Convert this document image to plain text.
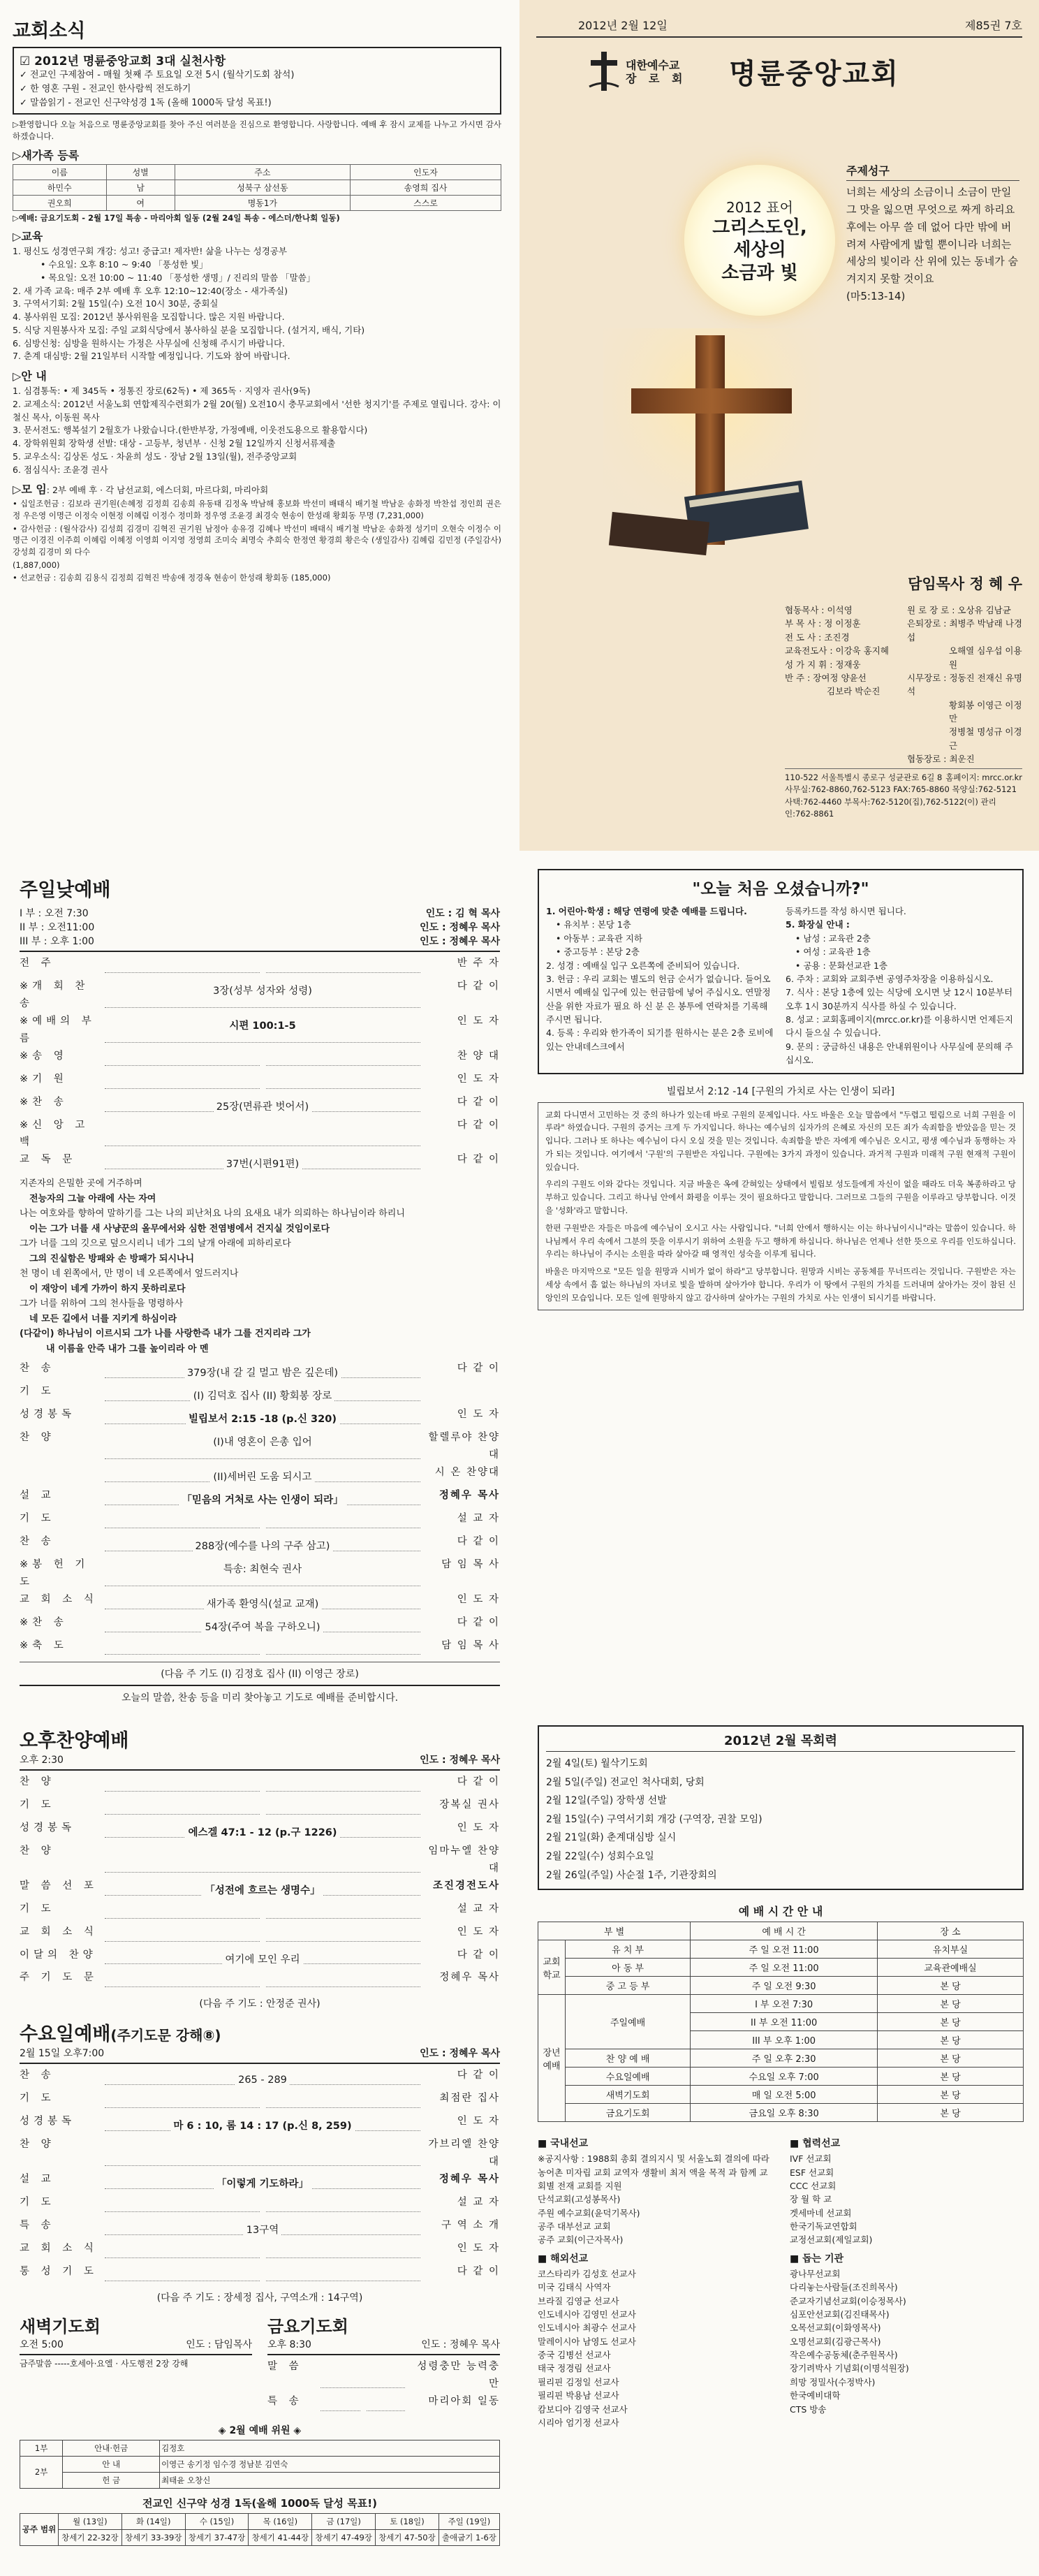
교회소식
☑ 2012년 명륜중앙교회 3대 실천사항
✓ 전교인 구제참여 - 매월 첫째 주 토요일 오전 5시 (월삭기도회 참석)
✓ 한 영혼 구원 - 전교인 한사람씩 전도하기
✓ 말씀읽기 - 전교인 신구약성경 1독 (올해 1000독 달성 목표!)
▷환영합니다 오늘 처음으로 명륜중앙교회를 찾아 주신 여러분을 진심으로 환영합니다. 사랑합니다. 예배 후 잠시 교제를 나누고 가시면 감사하겠습니다.
▷새가족 등록
이름	성별	주소	인도자
하민수	남	성북구 삼선동	송영희 집사
권오희	여	명동1가	스스로
▷예배: 금요기도회 - 2월 17일 특송 - 마리아회 일동 (2월 24일 특송 - 에스더/한나회 일동)
▷교육
1. 평신도 성경연구회 개강: 성고! 중급고! 제자반! 삶을 나누는 성경공부
• 수요일: 오후 8:10 ~ 9:40 「풍성한 빛」
• 목요일: 오전 10:00 ~ 11:40 「풍성한 생명」/ 진리의 말씀 「말씀」
2. 새 가족 교육: 매주 2부 예배 후 오후 12:10~12:40(장소 - 새가족실)
3. 구역서기회: 2월 15일(수) 오전 10시 30분, 중회실
4. 봉사위원 모집: 2012년 봉사위원을 모집합니다. 많은 지원 바랍니다.
5. 식당 지원봉사자 모집: 주일 교회식당에서 봉사하실 분을 모집합니다. (설거지, 배식, 기타)
6. 심방신청: 심방을 원하시는 가정은 사무실에 신청해 주시기 바랍니다.
7. 춘계 대심방: 2월 21일부터 시작할 예정입니다. 기도와 참여 바랍니다.
▷안 내
1. 심겸통독: • 제 345독 • 정통진 장로(62독) • 제 365독 · 지영자 권사(9독)
2. 교제소식: 2012년 서울노회 연합제직수련회가 2월 20(월) 오전10시 충무교회에서 '선한 청지기'를 주제로 열립니다. 강사: 이철신 목사, 이동원 목사
3. 문서전도: 행복설기 2월호가 나왔습니다.(한반부장, 가정예배, 이웃전도용으로 활용합시다)
4. 장학위원회 장학생 선발: 대상 - 고등부, 청년부 · 신청 2월 12일까지 신청서류제출
5. 교우소식: 김상돈 성도 · 차윤희 성도 · 장남 2월 13일(월), 전주중앙교회
6. 점심식사: 조윤경 권사
▷모 임: 2부 예배 후 · 각 남선교회, 에스더회, 마르다회, 마리아회
• 십일조헌금 : 김보라 권기원(손혜정 김정희 김송희 유동태 김정옥 박남해 홍보화 박선미 배태식 배기철 박남운 송화정 박찬섭 정인희 권은정 우은영 이명근 이정숙 이현정 이혜림 이정수 정미화 정우영 조윤경 최경숙 현송이 한성래 황회동 무명 (7,231,000)
• 감사헌금 : (월삭감사) 김성희 김경미 김혁진 권기원 남정아 송유경 김혜나 박선미 배태식 배기철 박남운 송화정 성기미 오현숙 이정수 이명근 이경진 이주희 이혜림 이혜정 이영희 이지영 정영희 조미숙 최명숙 추희숙 한정연 황경희 황은숙 (생일감사) 김혜림 김민정 (주일감사) 강성희 김경미 외 다수
(1,887,000)
• 선교헌금 : 김송희 김용식 김정희 김혁진 박송애 정경옥 현송이 한성래 황회동 (185,000)
2012년 2월 12일	제85권 7호
대한예수교
장 로 회 명륜중앙교회
2012 표어
그리스도인,
세상의
소금과 빛
주제성구
너희는 세상의 소금이니 소금이 만일 그 맛을 잃으면 무엇으로 짜게 하리요 후에는 아무 쓸 데 없어 다만 밖에 버려져 사람에게 밟힐 뿐이니라 너희는 세상의 빛이라 산 위에 있는 동네가 숨겨지지 못할 것이요
(마5:13-14)
담임목사 정 혜 우
협동목사 : 이석영
부 목 사 : 정 이정훈
전 도 사 : 조진경
교육전도사 : 이강욱 홍지혜
성 가 지 휘 : 정재웅
반 주 : 장여정 양윤선
김보라 박순진
원 로 장 로 : 오상유 김남균
은퇴장로 : 최병주 박남래 나경섭
오해열 심우섭 이용원
시무장로 : 정동진 전재신 유명석
황회봉 이영근 이정만
정병철 명성규 이경근
협동장로 : 최운진
110-522 서울특별시 종로구 성균관로 6길 8 홈페이지: mrcc.or.kr
사무실:762-8860,762-5123 FAX:765-8860 목양실:762-5121
사택:762-4460 부목사:762-5120(집),762-5122(이) 관리인:762-8861
주일낮예배
I 부 : 오전 7:30	인도 : 김 혁 목사
II 부 : 오전11:00	인도 : 정혜우 목사
III 부 : 오후 1:00	인도 : 정혜우 목사
전 주	반 주 자
※개 회 찬 송
3장(성부 성자와 성령)	다 같 이
※예배의 부름
시편 100:1-5	인 도 자
※송 영	찬 양 대
※기 원	인 도 자
※찬 송	25장(면류관 벗어서)	다 같 이
※신 앙 고 백
다 같 이
교 독 문	37번(시편91편)	다 같 이
지존자의 은밀한 곳에 거주하며
전능자의 그늘 아래에 사는 자여
나는 여호와를 향하여 말하기를 그는 나의 피난처요 나의 요새요 내가 의뢰하는 하나님이라 하리니
이는 그가 너를 새 사냥꾼의 올무에서와 심한 전염병에서 건지실 것임이로다
그가 너를 그의 깃으로 덮으시리니 네가 그의 날개 아래에 피하리로다
그의 진실함은 방패와 손 방패가 되시나니
천 명이 네 왼쪽에서, 만 명이 네 오른쪽에서 엎드러지나
이 재앙이 네게 가까이 하지 못하리로다
그가 너를 위하여 그의 천사들을 명령하사
네 모든 길에서 너를 지키게 하심이라
(다같이) 하나님이 이르시되 그가 나를 사랑한즉 내가 그를 건지리라 그가
내 이름을 안즉 내가 그를 높이리라 아 멘
찬 송	379장(내 갈 길 멀고 밤은 깊은데)	다 같 이
기 도	(I) 김덕호 집사 (II) 황회봉 장로
성경봉독	빌립보서 2:15 -18 (p.신 320)	인 도 자
찬 양	(I)내 영혼이 은총 입어	할렐루야 찬양대
(II)세버린 도움 되시고	시 온 찬양대
설 교	「믿음의 거처로 사는 인생이 되라」	정혜우 목사
기 도	설 교 자
찬 송	288장(예수를 나의 구주 삼고)	다 같 이
※봉 헌 기 도
특송: 최현숙 권사	담 임 목 사
교 회 소 식	새가족 환영식(설교 교재)	인 도 자
※찬 송	54장(주여 복을 구하오니)	다 같 이
※축 도	담 임 목 사
(다음 주 기도 (I) 김정호 집사 (II) 이영근 장로)
오늘의 말씀, 찬송 등을 미리 찾아놓고 기도로 예배를 준비합시다.
"오늘 처음 오셨습니까?"
1. 어린아·학생 : 해당 연령에 맞춘 예배를 드립니다.
• 유치부 : 본당 1층
• 아동부 : 교육관 지하
• 중고등부 : 본당 2층
2. 성경 : 예배실 입구 오른쪽에 준비되어 있습니다.
3. 헌금 : 우리 교회는 별도의 헌금 순서가 없습니다. 들어오시면서 예배실 입구에 있는 헌금함에 넣어 주십시오. 연말정산을 위한 자료가 필요 하 신 분 은 봉투에 연락처를 기록해 주시면 됩니다.
4. 등록 : 우리와 한가족이 되기를 원하시는 분은 2층 로비에 있는 안내데스크에서
등록카드를 작성 하시면 됩니다.
5. 화장실 안내 :
• 남성 : 교육관 2층
• 여성 : 교육관 1층
• 공용 : 문화선교관 1층
6. 주차 : 교회와 교회주변 공영주차장을 이용하십시오.
7. 식사 : 본당 1층에 있는 식당에 오시면 낮 12시 10분부터 오후 1시 30분까지 식사를 하실 수 있습니다.
8. 성교 : 교회홈페이지(mrcc.or.kr)를 이용하시면 언제든지 다시 들으실 수 있습니다.
9. 문의 : 궁금하신 내용은 안내위원이나 사무실에 문의해 주십시오.
빌립보서 2:12 -14 [구원의 가치로 사는 인생이 되라]

교회 다니면서 고민하는 것 중의 하나가 있는데 바로 구원의 문제입니다. 사도 바울은 오늘 말씀에서 "두렵고 떨림으로 너희 구원을 이루라" 하였습니다. 구원의 증거는 크게 두 가지입니다. 하나는 예수님의 십자가의 은혜로 자신의 모든 죄가 속죄함을 받았음을 믿는 것입니다. 그러나 또 하나는 예수님이 다시 오실 것을 믿는 것입니다. 속죄함을 받은 자에게 예수님은 오시고, 평생 예수님과 동행하는 자가 되는 것입니다. 여기에서 '구원'의 구원받은 자입니다. 구원에는 3가지 과정이 있습니다. 과거적 구원과 미래적 구원 현재적 구원이 있습니다.

우리의 구원도 이와 같다는 것입니다. 지금 바울은 옥에 갇혀있는 상태에서 빌립보 성도들에게 자신이 없을 때라도 더욱 복종하라고 당부하고 있습니다. 그리고 하나님 안에서 화평을 이루는 것이 필요하다고 말합니다. 그러므로 그들의 구원을 이루라고 당부합니다. 이것을 '성화'라고 말합니다.

한편 구원받은 자들은 마음에 예수님이 오시고 사는 사람입니다. "너희 안에서 행하시는 이는 하나님이시니"라는 말씀이 있습니다. 하나님께서 우리 속에서 그분의 뜻을 이루시기 위하여 소원을 두고 행하게 하십니다. 하나님은 언제나 선한 뜻으로 우리를 인도하십니다. 우리는 하나님이 주시는 소원을 따라 살아갈 때 영적인 성숙을 이루게 됩니다.

바울은 마지막으로 "모든 일을 원망과 시비가 없이 하라"고 당부합니다. 원망과 시비는 공동체를 무너뜨리는 것입니다. 구원받은 자는 세상 속에서 흠 없는 하나님의 자녀로 빛을 발하며 살아가야 합니다. 우리가 이 땅에서 구원의 가치를 드러내며 살아가는 것이 참된 신앙인의 모습입니다. 모든 일에 원망하지 않고 감사하며 살아가는 구원의 가치로 사는 인생이 되시기를 바랍니다.

오후찬양예배
오후 2:30	인도 : 정혜우 목사
찬 양	다 같 이
기 도	장복실 권사
성경봉독	에스겔 47:1 - 12 (p.구 1226)	인 도 자
찬 양	임마누엘 찬양대
말 씀 선 포	「성전에 흐르는 생명수」	조진경전도사
기 도	설 교 자
교 회 소 식	인 도 자
이달의 찬양	여기에 모인 우리	다 같 이
주 기 도 문	정혜우 목사
(다음 주 기도 : 안정준 권사)
수요일예배(주기도문 강해⑧)
2월 15일 오후7:00	인도 : 정혜우 목사
찬 송	265 - 289	다 같 이
기 도	최점란 집사
성경봉독	마 6 : 10, 롬 14 : 17 (p.신 8, 259)	인 도 자
찬 양	가브리엘 찬양대
설 교	「이렇게 기도하라」	정혜우 목사
기 도	설 교 자
특 송	13구역	구 역 소 개
교 회 소 식	인 도 자
통 성 기 도	다 같 이
(다음 주 기도 : 장세정 집사, 구역소개 : 14구역)
새벽기도회
오전 5:00	인도 : 담임목사
금주말씀 -----호세아·요엘 · 사도행전 2장 강해
금요기도회
오후 8:30	인도 : 정혜우 목사
말 씀	성령충만 능력충만
특 송	마리아회 일동
◈ 2월 예배 위원 ◈
1부	안내·헌금	김정호
2부	안 내	이영근 송기정 임수경 정남분 김연숙
	헌 금	최태윤 오창신
전교인 신구약 성경 1독(올해 1000독 달성 목표!)
공주 범위	월 (13일)	화 (14일)	수 (15일)	목 (16일)	금 (17일)	토 (18일)	주일 (19일)
	창세기 22-32장	창세기 33-39장	창세기 37-47장	창세기 41-44장	창세기 47-49장	창세기 47-50장	출애굽기 1-6장
2012년 2월 목회력
2월 4일(토) 월삭기도회
2월 5일(주일) 전교인 척사대회, 당회
2월 12일(주일) 장학생 선발
2월 15일(수) 구역서기회 개강 (구역장, 권찰 모임)
2월 21일(화) 춘계대심방 실시
2월 22일(수) 성회수요일
2월 26일(주일) 사순절 1주, 기관장회의
예 배 시 간 안 내
부 별		예 배 시 간	장 소
교회학교	유 치 부	주 일 오전 11:00	유치부실
	아 동 부	주 일 오전 11:00	교육관예배실
	중 고 등 부	주 일 오전 9:30	본 당
장년예배	주일예배	I 부 오전 7:30	본 당
		II 부 오전 11:00	본 당
		III 부 오후 1:00	본 당
	찬 양 예 배	주 일 오후 2:30	본 당
	수요일예배	수요일 오후 7:00	본 당
	새벽기도회	매 일 오전 5:00	본 당
	금요기도회	금요일 오후 8:30	본 당
■ 국내선교
※공지사항 : 1988회 총회 결의지시 및 서울노회 결의에 따라 농어촌 미자립 교회 교역자 생활비 최저 액을 목적 과 함께 교회별 전재 교회를 지원
단석교회(고성봉목사)
주원 예수교회(윤덕기목사)
공주 대부선교 교회
공주 교회(이근자목사)
■ 해외선교
코스타리카 김성호 선교사
미국 김태식 사역자
브라질 김영균 선교사
인도네시아 김영민 선교사
인도네시아 최광수 선교사
말레이시아 남영도 선교사
중국 김병선 선교사
태국 정경림 선교사
필리핀 김정일 선교사
필리핀 박용남 선교사
캄보디아 김영국 선교사
시리아 엄기정 선교사
■ 협력선교
IVF 선교회
ESF 선교회
CCC 선교회
장 월 학 교
겟세마네 선교회
한국기독교연합회
교정선교회(제일교회)
■ 돕는 기관
광나무선교회
다리놓는사람들(조진희목사)
준교자기념선교회(이승정목사)
심포안선교회(김진태목사)
오목선교회(이화영목사)
오명선교회(김광근목사)
작은예수공동체(춘주원목사)
장기려박사 기념회(이명석원장)
희망 정밀사(수정박사)
한국예비대학
CTS 방송
